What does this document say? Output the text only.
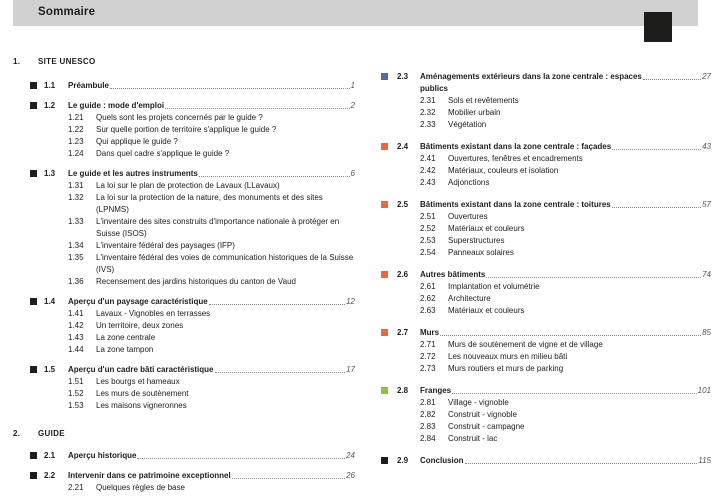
Sommaire
1.	SITE UNESCO
1.1	Préambule	1
1.2	Le guide : mode d'emploi	2
1.21	Quels sont les projets concernés par le guide ?
1.22	Sur quelle portion de territoire s'applique le guide ?
1.23	Qui applique le guide ?
1.24	Dans quel cadre s'applique le guide ?
1.3	Le guide et les autres instruments	6
1.31	La loi sur le plan de protection de Lavaux (LLavaux)
1.32	La loi sur la protection de la nature, des monuments et des sites (LPNMS)
1.33	L'inventaire des sites construits d'importance nationale à protéger en Suisse (ISOS)
1.34	L'inventaire fédéral des paysages (IFP)
1.35	L'inventaire fédéral des voies de communication historiques de la Suisse (IVS)
1.36	Recensement des jardins historiques du canton de Vaud
1.4	Aperçu d'un paysage caractéristique	12
1.41	Lavaux - Vignobles en terrasses
1.42	Un territoire, deux zones
1.43	La zone centrale
1.44	La zone tampon
1.5	Aperçu d'un cadre bâti caractéristique	17
1.51	Les bourgs et hameaux
1.52	Les murs de soutènement
1.53	Les maisons vigneronnes
2.	GUIDE
2.1	Aperçu historique	24
2.2	Intervenir dans ce patrimoine exceptionnel	26
2.21	Quelques règles de base
2.3	Aménagements extérieurs dans la zone centrale : espaces	27
publics
2.31	Sols et revêtements
2.32	Mobilier urbain
2.33	Végétation
2.4	Bâtiments existant dans la zone centrale : façades	43
2.41	Ouvertures, fenêtres et encadrements
2.42	Matériaux, couleurs et isolation
2.43	Adjonctions
2.5	Bâtiments existant dans la zone centrale : toitures	57
2.51	Ouvertures
2.52	Matériaux et couleurs
2.53	Superstructures
2.54	Panneaux solaires
2.6	Autres bâtiments	74
2.61	Implantation et volumétrie
2.62	Architecture
2.63	Matériaux et couleurs
2.7	Murs	85
2.71	Murs de soutènement de vigne et de village
2.72	Les nouveaux murs en milieu bâti
2.73	Murs routiers et murs de parking
2.8	Franges	101
2.81	Village - vignoble
2.82	Construit - vignoble
2.83	Construit - campagne
2.84	Construit - lac
2.9	Conclusion	115
